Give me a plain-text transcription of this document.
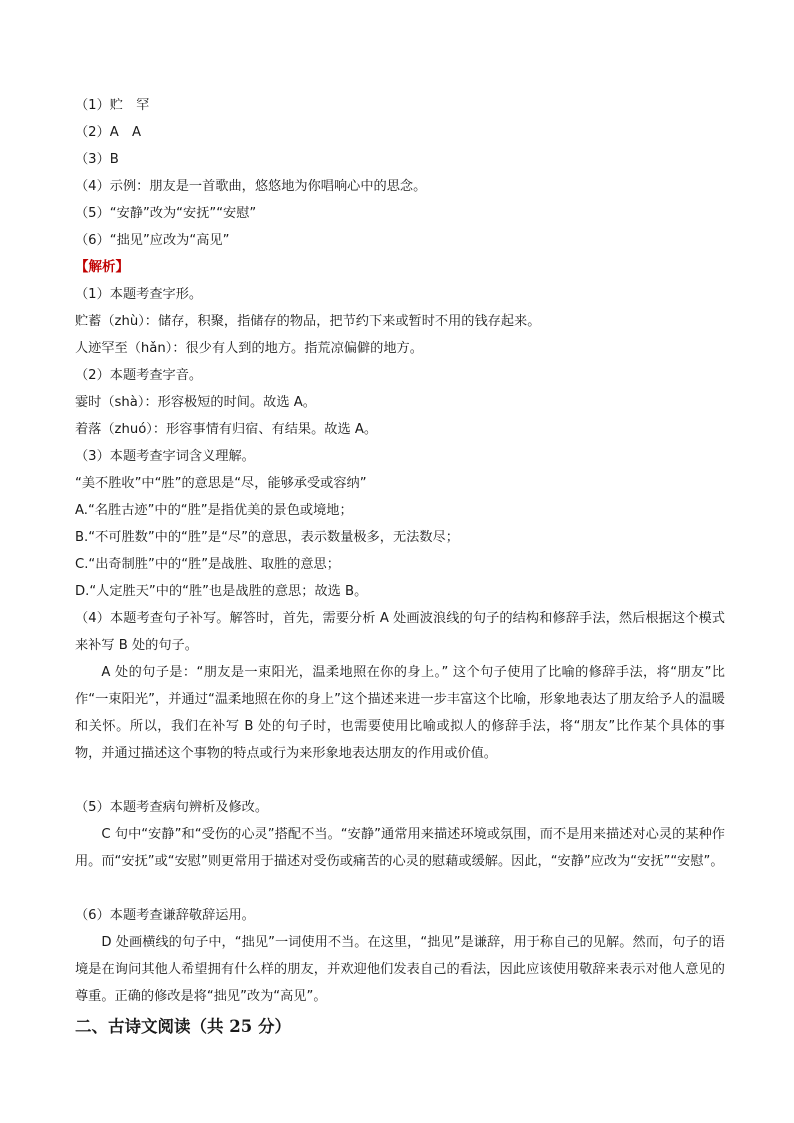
（1）贮　罕
（2）A　A
（3）B
（4）示例：朋友是一首歌曲，悠悠地为你唱响心中的思念。
（5）“安静”改为“安抚”“安慰”
（6）“拙见”应改为“高见”
【解析】
（1）本题考查字形。
贮蓄（zhù）：储存，积聚，指储存的物品，把节约下来或暂时不用的钱存起来。
人迹罕至（hǎn）：很少有人到的地方。指荒凉偏僻的地方。
（2）本题考查字音。
霎时（shà）：形容极短的时间。故选 A。
着落（zhuó）：形容事情有归宿、有结果。故选 A。
（3）本题考查字词含义理解。
“美不胜收”中“胜”的意思是“尽，能够承受或容纳”
A.“名胜古迹”中的“胜”是指优美的景色或境地；
B.“不可胜数”中的“胜”是“尽”的意思，表示数量极多，无法数尽；
C.“出奇制胜”中的“胜”是战胜、取胜的意思；
D.“人定胜天”中的“胜”也是战胜的意思；故选 B。
（4）本题考查句子补写。解答时，首先，需要分析 A 处画波浪线的句子的结构和修辞手法，然后根据这个模式来补写 B 处的句子。
A 处的句子是：“朋友是一束阳光，温柔地照在你的身上。” 这个句子使用了比喻的修辞手法，将“朋友”比作“一束阳光”，并通过“温柔地照在你的身上”这个描述来进一步丰富这个比喻，形象地表达了朋友给予人的温暖和关怀。所以，我们在补写 B 处的句子时，也需要使用比喻或拟人的修辞手法，将“朋友”比作某个具体的事物，并通过描述这个事物的特点或行为来形象地表达朋友的作用或价值。
（5）本题考查病句辨析及修改。
C 句中“安静”和“受伤的心灵”搭配不当。“安静”通常用来描述环境或氛围，而不是用来描述对心灵的某种作用。而“安抚”或“安慰”则更常用于描述对受伤或痛苦的心灵的慰藉或缓解。因此，“安静”应改为“安抚”“安慰”。
（6）本题考查谦辞敬辞运用。
D 处画横线的句子中，“拙见”一词使用不当。在这里，“拙见”是谦辞，用于称自己的见解。然而，句子的语境是在询问其他人希望拥有什么样的朋友，并欢迎他们发表自己的看法，因此应该使用敬辞来表示对他人意见的尊重。正确的修改是将“拙见”改为“高见”。
二、古诗文阅读（共 25 分）
